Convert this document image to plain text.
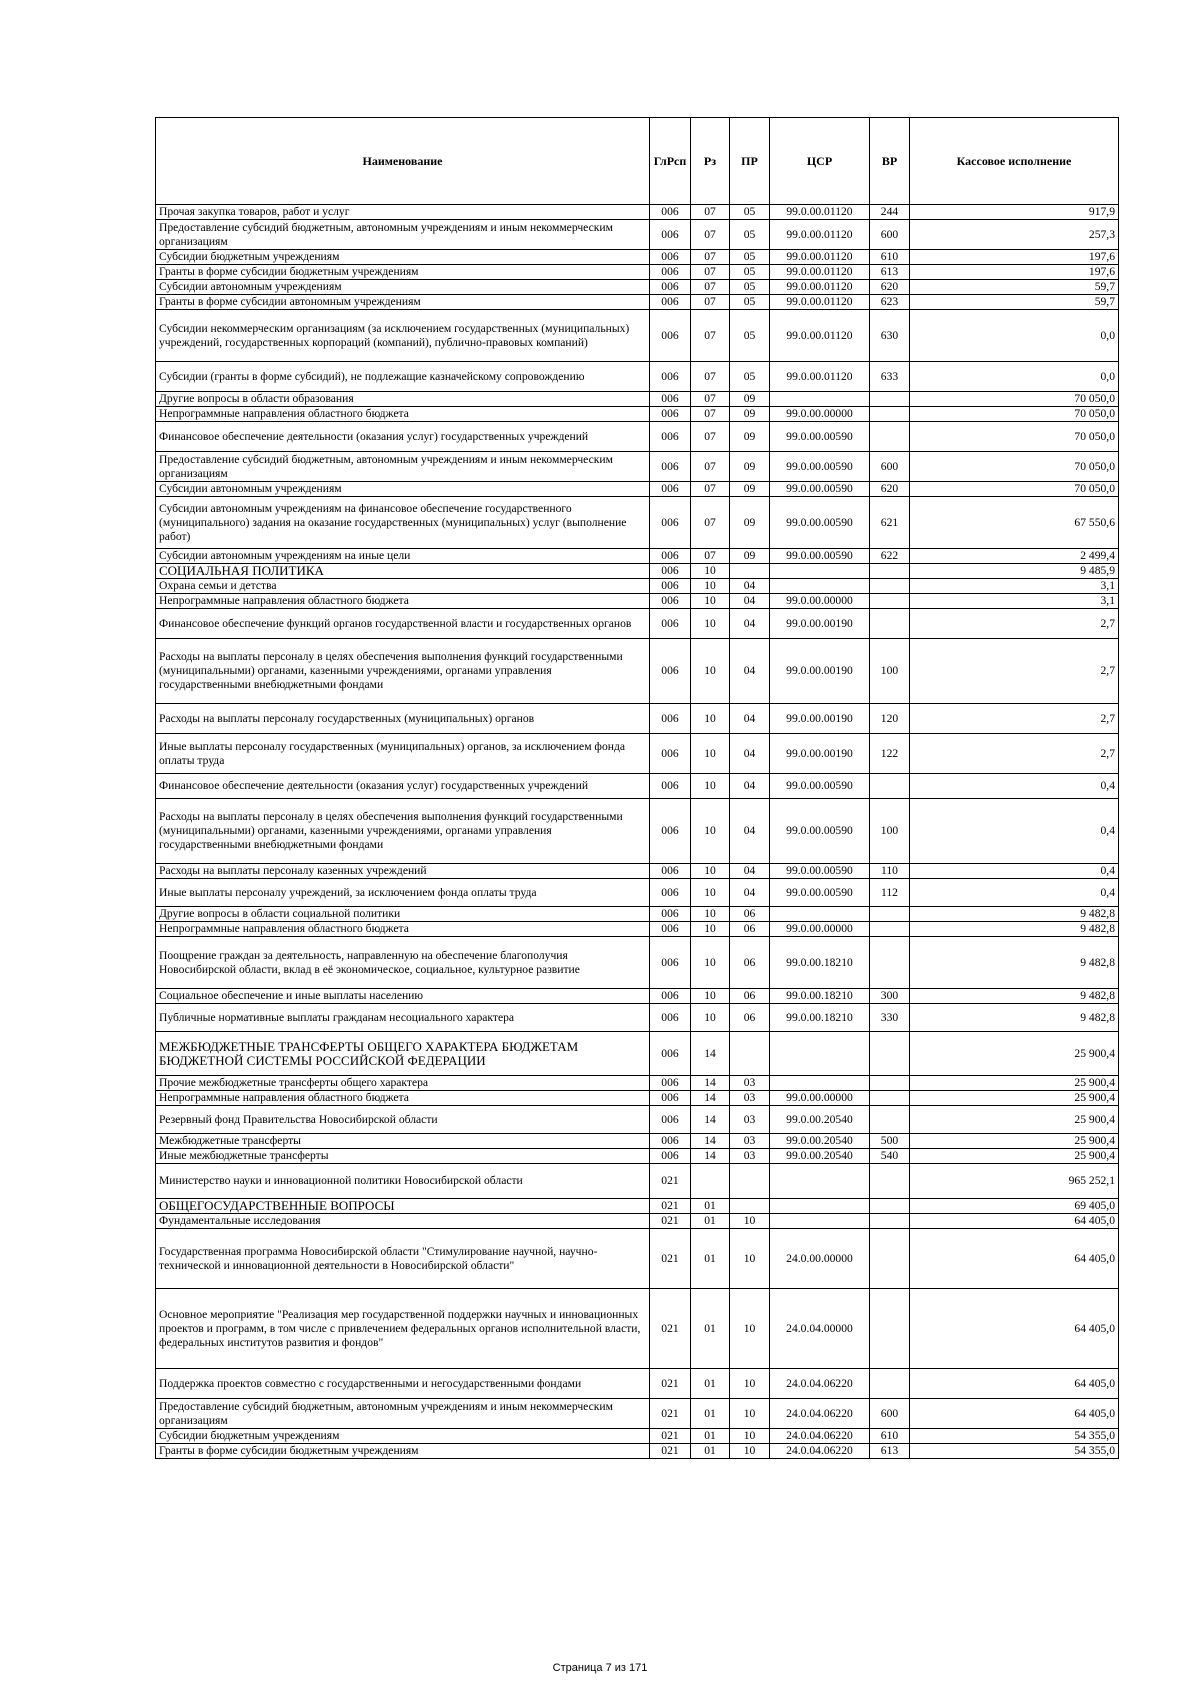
Наименование	ГлРсп	Рз	ПР	ЦСР	ВР	Кассовое исполнение
Прочая закупка товаров, работ и услуг	006	07	05	99.0.00.01120	244	917,9
Предоставление субсидий бюджетным, автономным учреждениям и иным некоммерческим организациям	006	07	05	99.0.00.01120	600	257,3
Субсидии бюджетным учреждениям	006	07	05	99.0.00.01120	610	197,6
Гранты в форме субсидии бюджетным учреждениям	006	07	05	99.0.00.01120	613	197,6
Субсидии автономным учреждениям	006	07	05	99.0.00.01120	620	59,7
Гранты в форме субсидии автономным учреждениям	006	07	05	99.0.00.01120	623	59,7
Субсидии некоммерческим организациям (за исключением государственных (муниципальных) учреждений, государственных корпораций (компаний), публично-правовых компаний)	006	07	05	99.0.00.01120	630	0,0
Субсидии (гранты в форме субсидий), не подлежащие казначейскому сопровождению	006	07	05	99.0.00.01120	633	0,0
Другие вопросы в области образования	006	07	09			70 050,0
Непрограммные направления областного бюджета	006	07	09	99.0.00.00000		70 050,0
Финансовое обеспечение деятельности (оказания услуг) государственных учреждений	006	07	09	99.0.00.00590		70 050,0
Предоставление субсидий бюджетным, автономным учреждениям и иным некоммерческим организациям	006	07	09	99.0.00.00590	600	70 050,0
Субсидии автономным учреждениям	006	07	09	99.0.00.00590	620	70 050,0
Субсидии автономным учреждениям на финансовое обеспечение государственного (муниципального) задания на оказание государственных (муниципальных) услуг (выполнение работ)	006	07	09	99.0.00.00590	621	67 550,6
Субсидии автономным учреждениям на иные цели	006	07	09	99.0.00.00590	622	2 499,4
СОЦИАЛЬНАЯ ПОЛИТИКА	006	10				9 485,9
Охрана семьи и детства	006	10	04			3,1
Непрограммные направления областного бюджета	006	10	04	99.0.00.00000		3,1
Финансовое обеспечение функций органов государственной власти и государственных органов	006	10	04	99.0.00.00190		2,7
Расходы на выплаты персоналу в целях обеспечения выполнения функций государственными (муниципальными) органами, казенными учреждениями, органами управления государственными внебюджетными фондами	006	10	04	99.0.00.00190	100	2,7
Расходы на выплаты персоналу государственных (муниципальных) органов	006	10	04	99.0.00.00190	120	2,7
Иные выплаты персоналу государственных (муниципальных) органов, за исключением фонда оплаты труда	006	10	04	99.0.00.00190	122	2,7
Финансовое обеспечение деятельности (оказания услуг) государственных учреждений	006	10	04	99.0.00.00590		0,4
Расходы на выплаты персоналу в целях обеспечения выполнения функций государственными (муниципальными) органами, казенными учреждениями, органами управления государственными внебюджетными фондами	006	10	04	99.0.00.00590	100	0,4
Расходы на выплаты персоналу казенных учреждений	006	10	04	99.0.00.00590	110	0,4
Иные выплаты персоналу учреждений, за исключением фонда оплаты труда	006	10	04	99.0.00.00590	112	0,4
Другие вопросы в области социальной политики	006	10	06			9 482,8
Непрограммные направления областного бюджета	006	10	06	99.0.00.00000		9 482,8
Поощрение граждан за деятельность, направленную на обеспечение благополучия Новосибирской области, вклад в её экономическое, социальное, культурное развитие	006	10	06	99.0.00.18210		9 482,8
Социальное обеспечение и иные выплаты населению	006	10	06	99.0.00.18210	300	9 482,8
Публичные нормативные выплаты гражданам несоциального характера	006	10	06	99.0.00.18210	330	9 482,8
МЕЖБЮДЖЕТНЫЕ ТРАНСФЕРТЫ ОБЩЕГО ХАРАКТЕРА БЮДЖЕТАМ БЮДЖЕТНОЙ СИСТЕМЫ РОССИЙСКОЙ ФЕДЕРАЦИИ	006	14				25 900,4
Прочие межбюджетные трансферты общего характера	006	14	03			25 900,4
Непрограммные направления областного бюджета	006	14	03	99.0.00.00000		25 900,4
Резервный фонд Правительства Новосибирской области	006	14	03	99.0.00.20540		25 900,4
Межбюджетные трансферты	006	14	03	99.0.00.20540	500	25 900,4
Иные межбюджетные трансферты	006	14	03	99.0.00.20540	540	25 900,4
Министерство науки и инновационной политики Новосибирской области	021					965 252,1
ОБЩЕГОСУДАРСТВЕННЫЕ ВОПРОСЫ	021	01				69 405,0
Фундаментальные исследования	021	01	10			64 405,0
Государственная программа Новосибирской области "Стимулирование научной, научно-технической и инновационной деятельности в Новосибирской области"	021	01	10	24.0.00.00000		64 405,0
Основное мероприятие "Реализация мер государственной поддержки научных и инновационных проектов и программ, в том числе с привлечением федеральных органов исполнительной власти, федеральных институтов развития и фондов"	021	01	10	24.0.04.00000		64 405,0
Поддержка проектов совместно с государственными и негосударственными фондами	021	01	10	24.0.04.06220		64 405,0
Предоставление субсидий бюджетным, автономным учреждениям и иным некоммерческим организациям	021	01	10	24.0.04.06220	600	64 405,0
Субсидии бюджетным учреждениям	021	01	10	24.0.04.06220	610	54 355,0
Гранты в форме субсидии бюджетным учреждениям	021	01	10	24.0.04.06220	613	54 355,0
Страница 7 из 171
